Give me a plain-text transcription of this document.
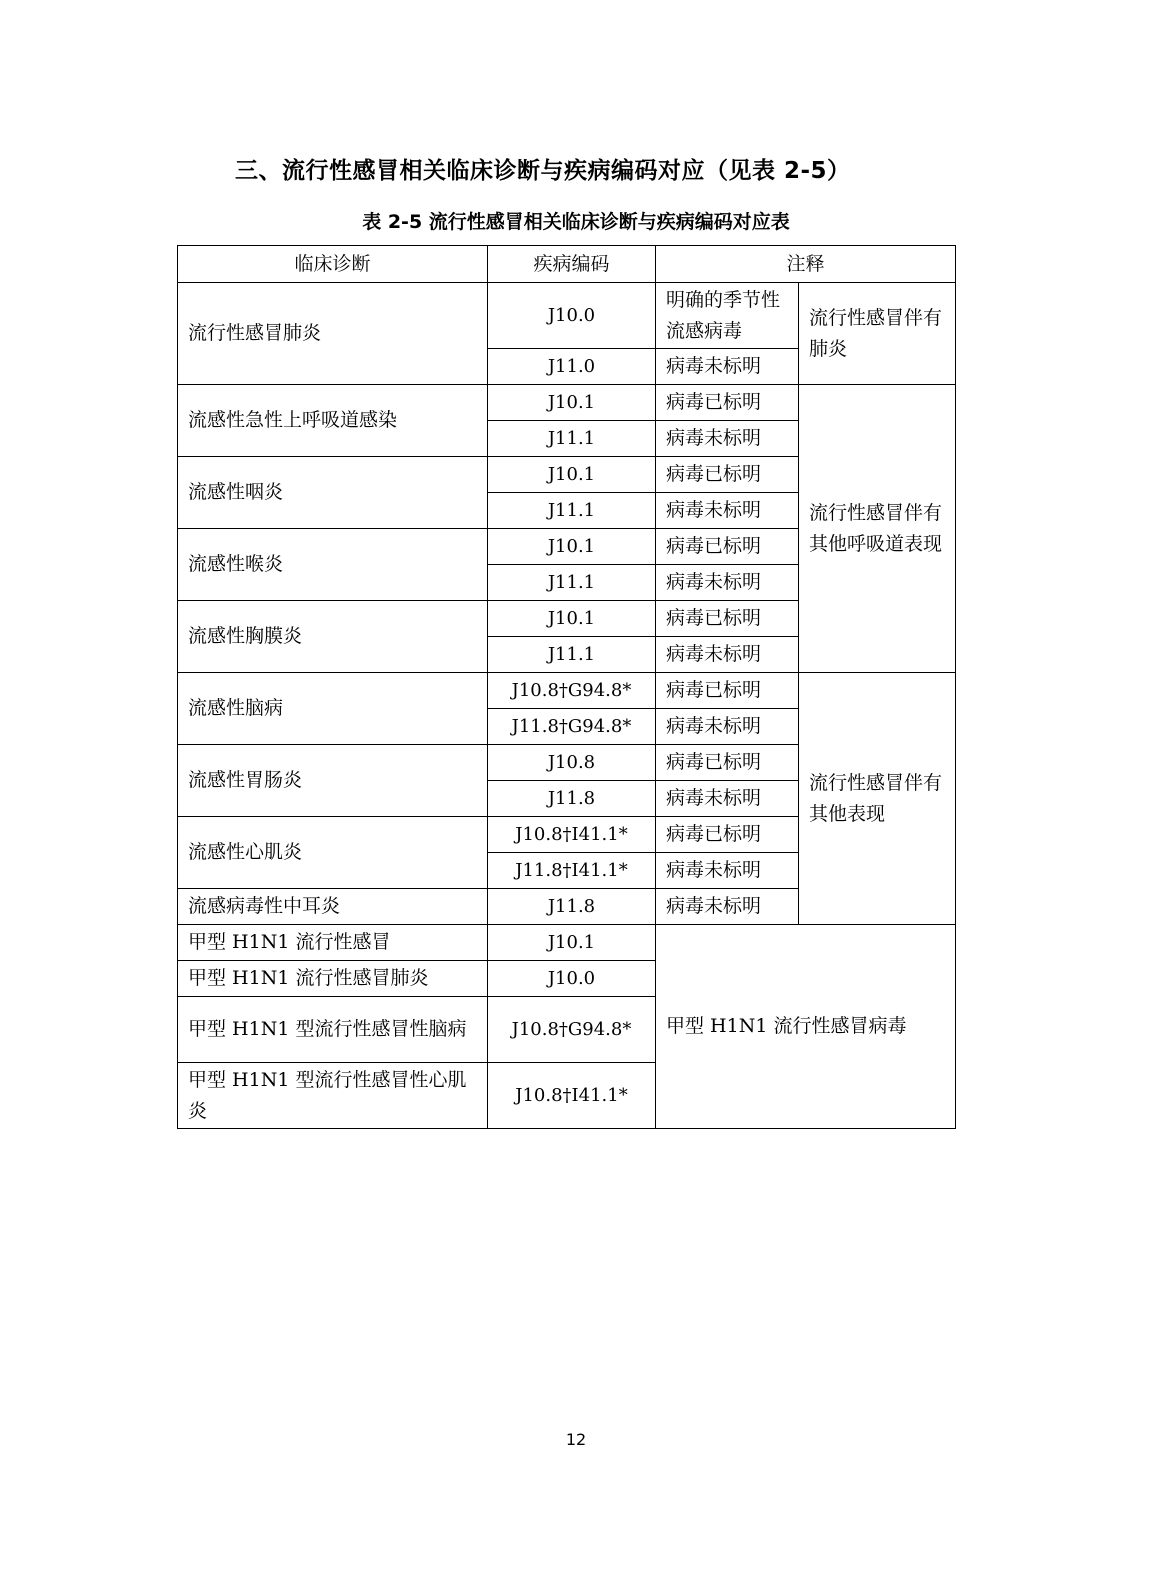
三、流行性感冒相关临床诊断与疾病编码对应（见表 2-5）
表 2-5 流行性感冒相关临床诊断与疾病编码对应表
临床诊断	疾病编码	注释	
流行性感冒肺炎	J10.0	明确的季节性流感病毒	流行性感冒伴有肺炎
	J11.0	病毒未标明	
流感性急性上呼吸道感染	J10.1	病毒已标明	流行性感冒伴有其他呼吸道表现
	J11.1	病毒未标明	
流感性咽炎	J10.1	病毒已标明	
	J11.1	病毒未标明	
流感性喉炎	J10.1	病毒已标明	
	J11.1	病毒未标明	
流感性胸膜炎	J10.1	病毒已标明	
	J11.1	病毒未标明	
流感性脑病	J10.8†G94.8*	病毒已标明	流行性感冒伴有其他表现
	J11.8†G94.8*	病毒未标明	
流感性胃肠炎	J10.8	病毒已标明	
	J11.8	病毒未标明	
流感性心肌炎	J10.8†I41.1*	病毒已标明	
	J11.8†I41.1*	病毒未标明	
流感病毒性中耳炎	J11.8	病毒未标明	
甲型 H1N1 流行性感冒	J10.1	甲型 H1N1 流行性感冒病毒	
甲型 H1N1 流行性感冒肺炎	J10.0		
甲型 H1N1 型流行性感冒性脑病	J10.8†G94.8*		
甲型 H1N1 型流行性感冒性心肌炎	J10.8†I41.1*		
12
